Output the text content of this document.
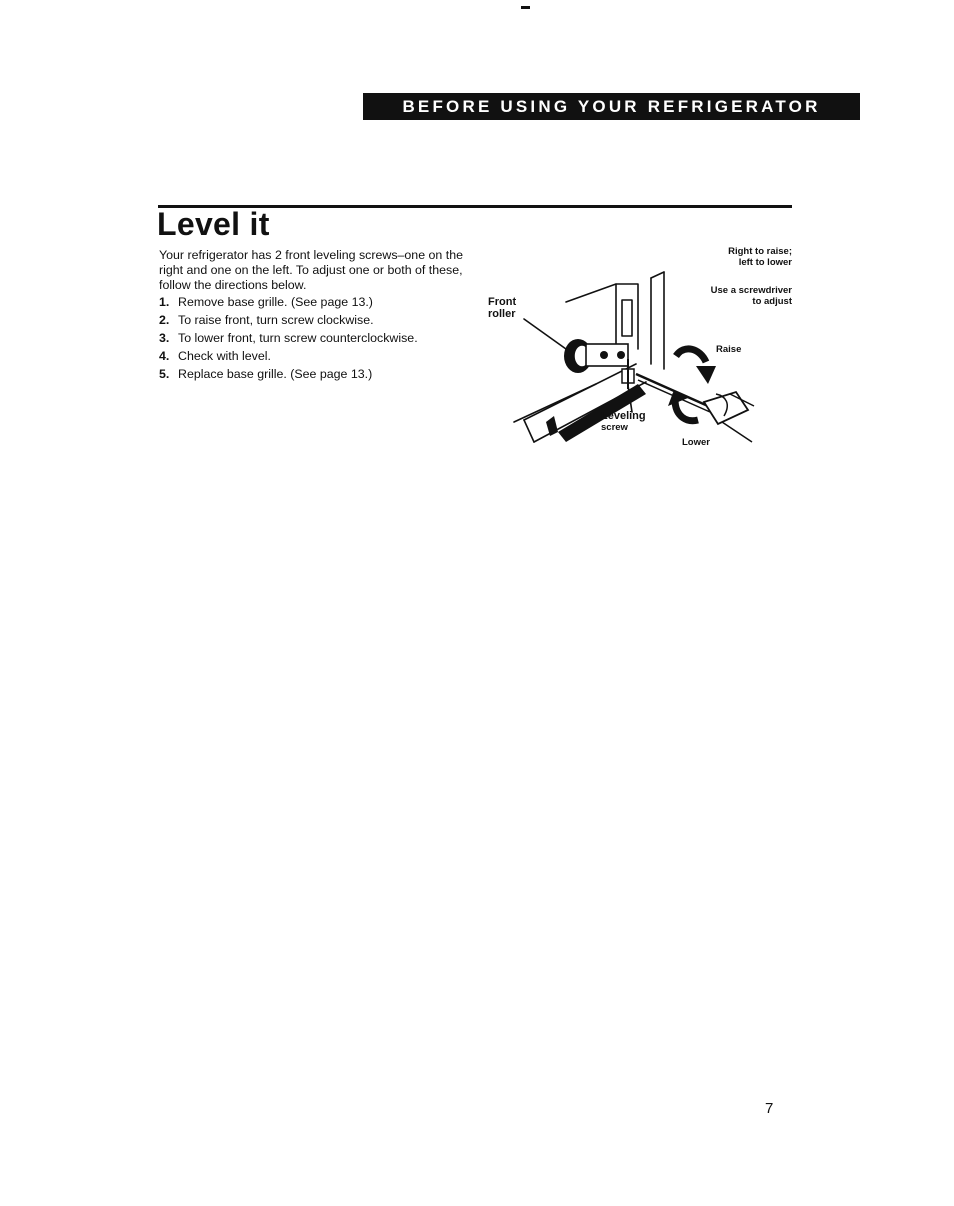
BEFORE USING YOUR REFRIGERATOR
Level it

Your refrigerator has 2 front leveling screws–one on the right and one on the left. To adjust one or both of these, follow the directions below.

1. Remove base grille. (See page 13.)
2. To raise front, turn screw clockwise.
3. To lower front, turn screw counterclockwise.
4. Check with level.
5. Replace base grille. (See page 13.)
Front
roller
Right to raise;
left to lower
Use a screwdriver
to adjust
Raise
Lower
Leveling
screw
7
